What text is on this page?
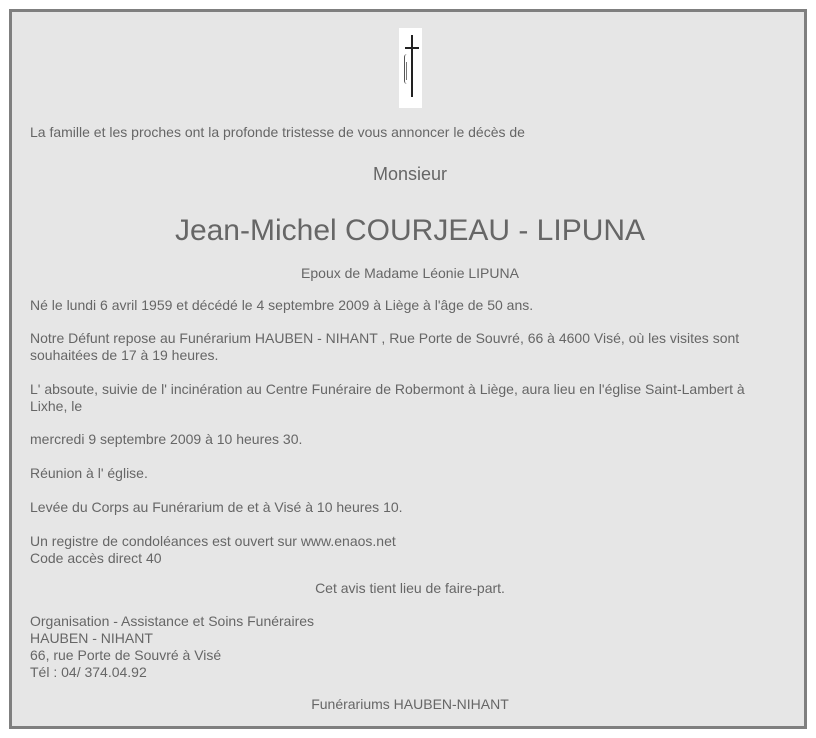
La famille et les proches ont la profonde tristesse de vous annoncer le décès de
Monsieur
Jean-Michel COURJEAU - LIPUNA
Epoux de Madame Léonie LIPUNA
Né le lundi 6 avril 1959 et décédé le 4 septembre 2009 à Liège à l'âge de 50 ans.
Notre Défunt repose au Funérarium HAUBEN - NIHANT , Rue Porte de Souvré, 66 à 4600 Visé, où les visites sont
souhaitées de 17 à 19 heures.
L' absoute, suivie de l' incinération au Centre Funéraire de Robermont à Liège, aura lieu en l'église Saint-Lambert à
Lixhe, le
mercredi 9 septembre 2009 à 10 heures 30.
Réunion à l' église.
Levée du Corps au Funérarium de et à Visé à 10 heures 10.
Un registre de condoléances est ouvert sur www.enaos.net
Code accès direct 40
Cet avis tient lieu de faire-part.
Organisation - Assistance et Soins Funéraires
HAUBEN - NIHANT
66, rue Porte de Souvré à Visé
Tél : 04/ 374.04.92
Funérariums HAUBEN-NIHANT
